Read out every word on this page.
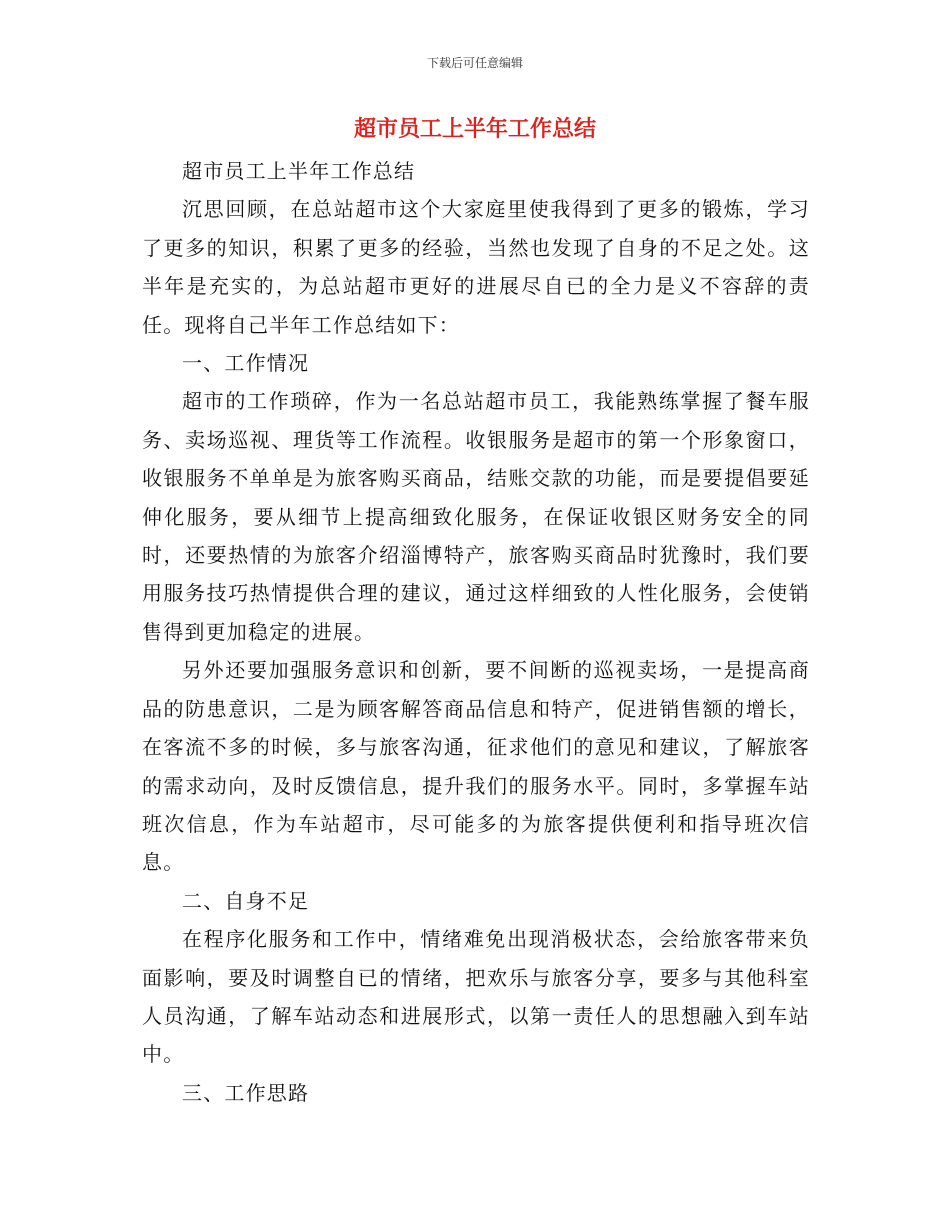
下载后可任意编辑
超市员工上半年工作总结

超市员工上半年工作总结

沉思回顾，在总站超市这个大家庭里使我得到了更多的锻炼，学习了更多的知识，积累了更多的经验，当然也发现了自身的不足之处。这半年是充实的，为总站超市更好的进展尽自已的全力是义不容辞的责任。现将自己半年工作总结如下：

一、工作情况

超市的工作琐碎，作为一名总站超市员工，我能熟练掌握了餐车服务、卖场巡视、理货等工作流程。收银服务是超市的第一个形象窗口，收银服务不单单是为旅客购买商品，结账交款的功能，而是要提倡要延伸化服务，要从细节上提高细致化服务，在保证收银区财务安全的同时，还要热情的为旅客介绍淄博特产，旅客购买商品时犹豫时，我们要用服务技巧热情提供合理的建议，通过这样细致的人性化服务，会使销售得到更加稳定的进展。

另外还要加强服务意识和创新，要不间断的巡视卖场，一是提高商品的防患意识，二是为顾客解答商品信息和特产，促进销售额的增长，在客流不多的时候，多与旅客沟通，征求他们的意见和建议，了解旅客的需求动向，及时反馈信息，提升我们的服务水平。同时，多掌握车站班次信息，作为车站超市，尽可能多的为旅客提供便利和指导班次信息。

二、自身不足

在程序化服务和工作中，情绪难免出现消极状态，会给旅客带来负面影响，要及时调整自已的情绪，把欢乐与旅客分享，要多与其他科室人员沟通，了解车站动态和进展形式，以第一责任人的思想融入到车站中。

三、工作思路
